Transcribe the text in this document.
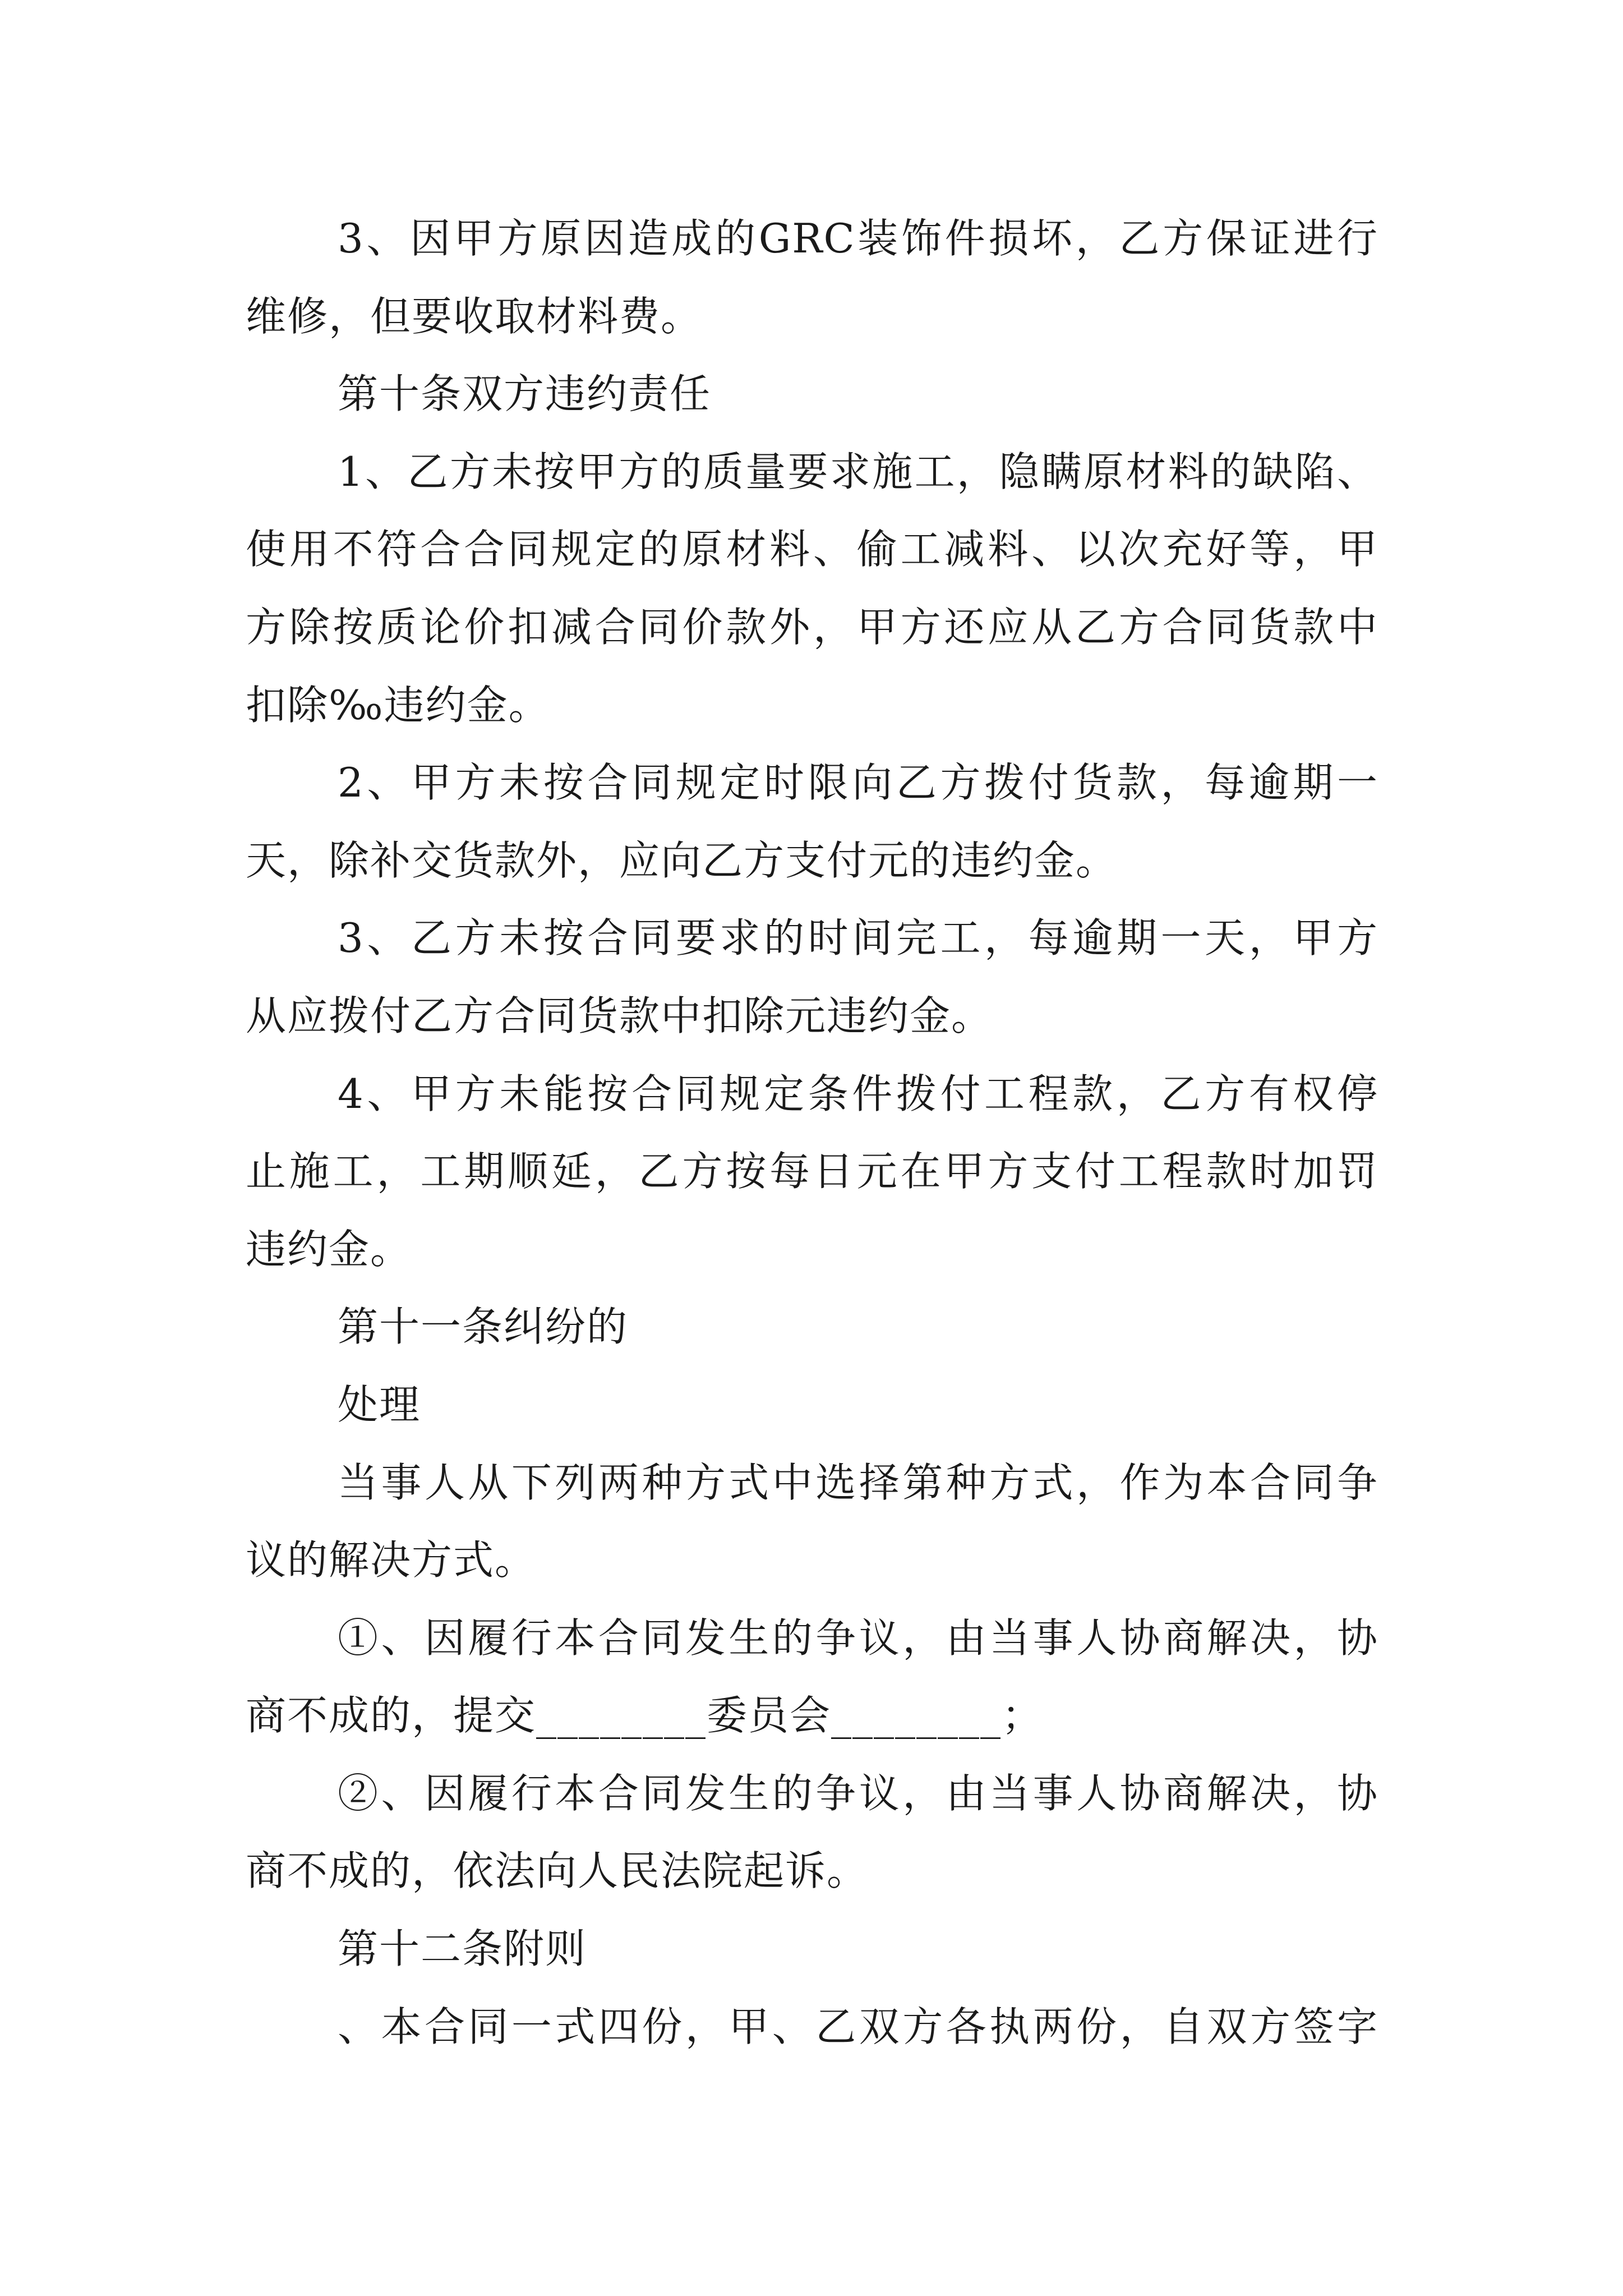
3、因甲方原因造成的GRC装饰件损坏，乙方保证进行
维修，但要收取材料费。
第十条双方违约责任
1、乙方未按甲方的质量要求施工，隐瞒原材料的缺陷、
使用不符合合同规定的原材料、偷工减料、以次充好等，甲
方除按质论价扣减合同价款外，甲方还应从乙方合同货款中
扣除‰违约金。
2、甲方未按合同规定时限向乙方拨付货款，每逾期一
天，除补交货款外，应向乙方支付元的违约金。
3、乙方未按合同要求的时间完工，每逾期一天，甲方
从应拨付乙方合同货款中扣除元违约金。
4、甲方未能按合同规定条件拨付工程款，乙方有权停
止施工，工期顺延，乙方按每日元在甲方支付工程款时加罚
违约金。
第十一条纠纷的
处理
当事人从下列两种方式中选择第种方式，作为本合同争
议的解决方式。
①、因履行本合同发生的争议，由当事人协商解决，协
商不成的，提交________委员会________；
②、因履行本合同发生的争议，由当事人协商解决，协
商不成的，依法向人民法院起诉。
第十二条附则
、本合同一式四份，甲、乙双方各执两份，自双方签字
